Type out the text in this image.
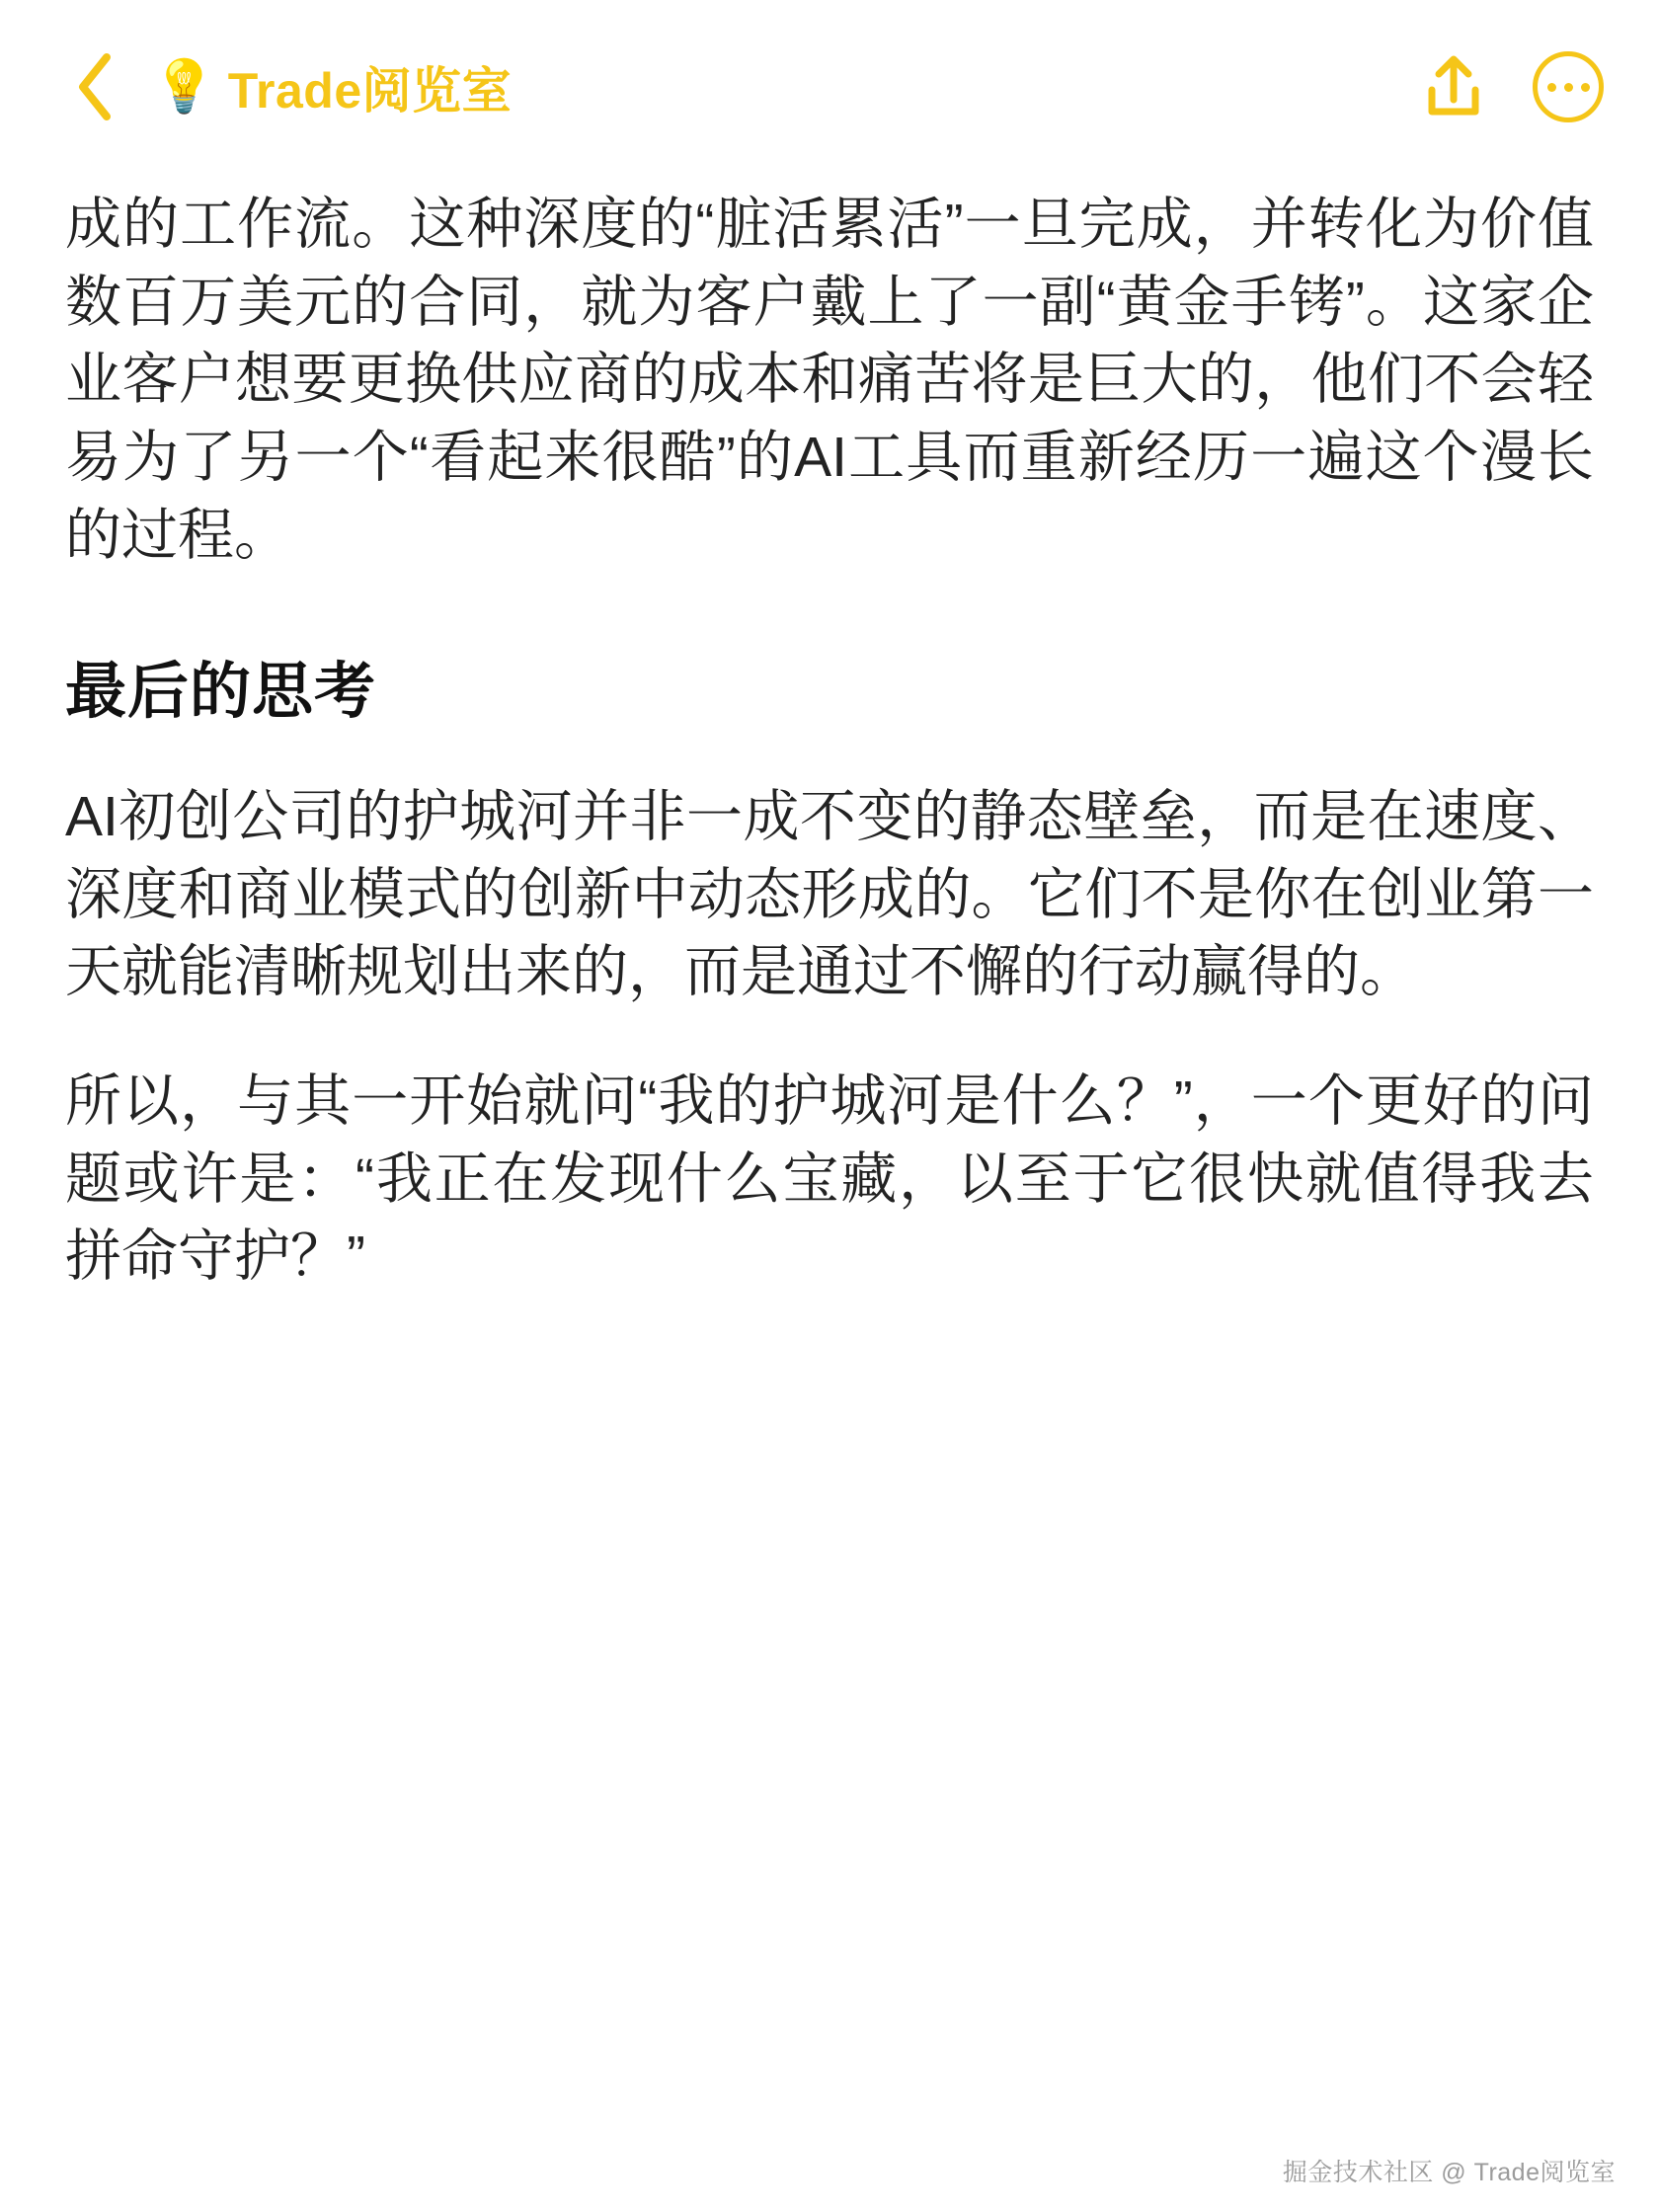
💡 Trade阅览室

成的工作流。这种深度的“脏活累活”一旦完成，并转化为价值数百万美元的合同，就为客户戴上了一副“黄金手铐”。这家企业客户想要更换供应商的成本和痛苦将是巨大的，他们不会轻易为了另一个“看起来很酷”的AI工具而重新经历一遍这个漫长的过程。

最后的思考

AI初创公司的护城河并非一成不变的静态壁垒，而是在速度、深度和商业模式的创新中动态形成的。它们不是你在创业第一天就能清晰规划出来的，而是通过不懈的行动赢得的。

所以，与其一开始就问“我的护城河是什么？”，一个更好的问题或许是：“我正在发现什么宝藏，以至于它很快就值得我去拼命守护？”

掘金技术社区 @ Trade阅览室
